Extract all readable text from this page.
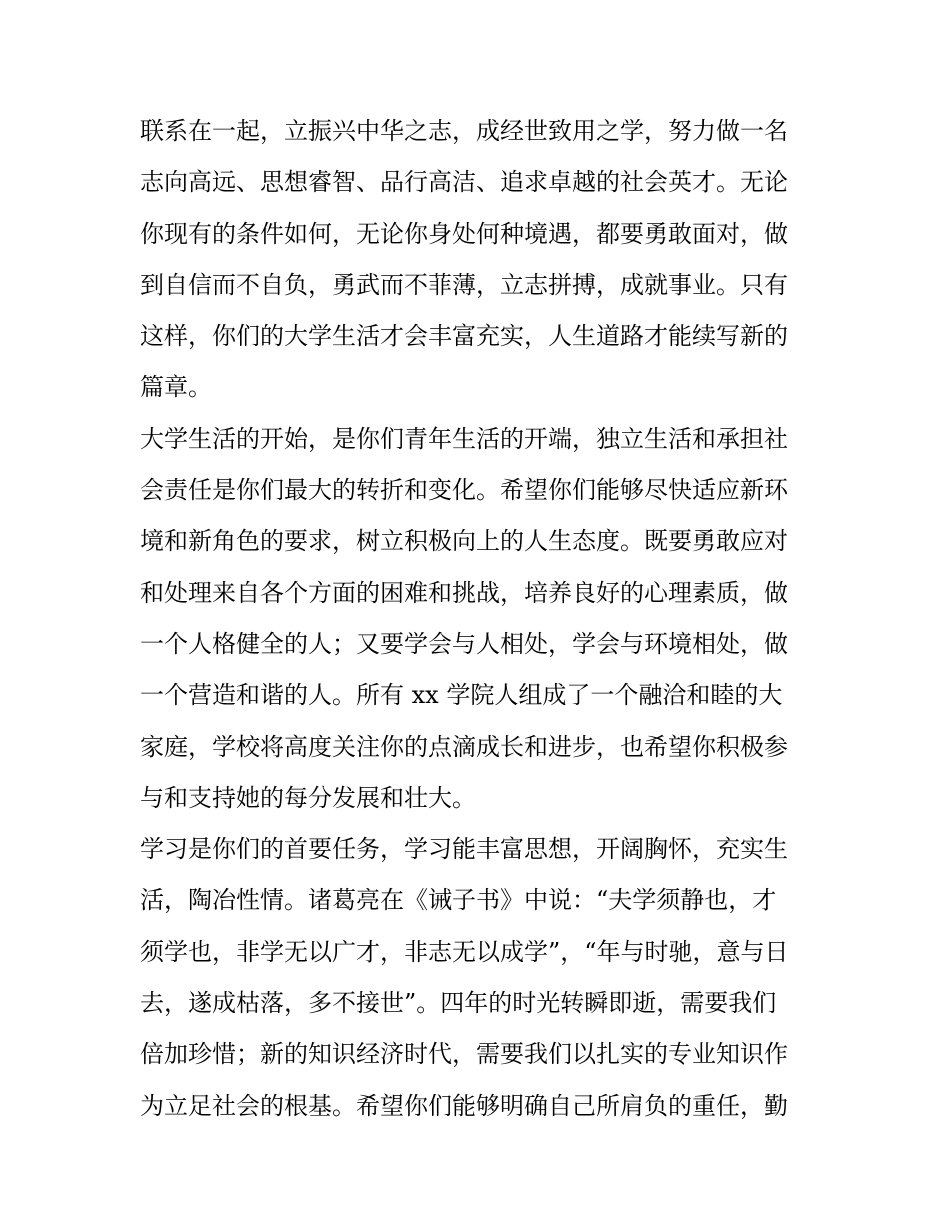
联系在一起，立振兴中华之志，成经世致用之学，努力做一名
志向高远、思想睿智、品行高洁、追求卓越的社会英才。无论
你现有的条件如何，无论你身处何种境遇，都要勇敢面对，做
到自信而不自负，勇武而不菲薄，立志拼搏，成就事业。只有
这样，你们的大学生活才会丰富充实，人生道路才能续写新的
篇章。
大学生活的开始，是你们青年生活的开端，独立生活和承担社
会责任是你们最大的转折和变化。希望你们能够尽快适应新环
境和新角色的要求，树立积极向上的人生态度。既要勇敢应对
和处理来自各个方面的困难和挑战，培养良好的心理素质，做
一个人格健全的人；又要学会与人相处，学会与环境相处，做
一个营造和谐的人。所有 xx 学院人组成了一个融洽和睦的大
家庭，学校将高度关注你的点滴成长和进步，也希望你积极参
与和支持她的每分发展和壮大。
学习是你们的首要任务，学习能丰富思想，开阔胸怀，充实生
活，陶冶性情。诸葛亮在《诫子书》中说：“夫学须静也，才
须学也，非学无以广才，非志无以成学”，“年与时驰，意与日
去，遂成枯落，多不接世”。四年的时光转瞬即逝，需要我们
倍加珍惜；新的知识经济时代，需要我们以扎实的专业知识作
为立足社会的根基。希望你们能够明确自己所肩负的重任，勤
